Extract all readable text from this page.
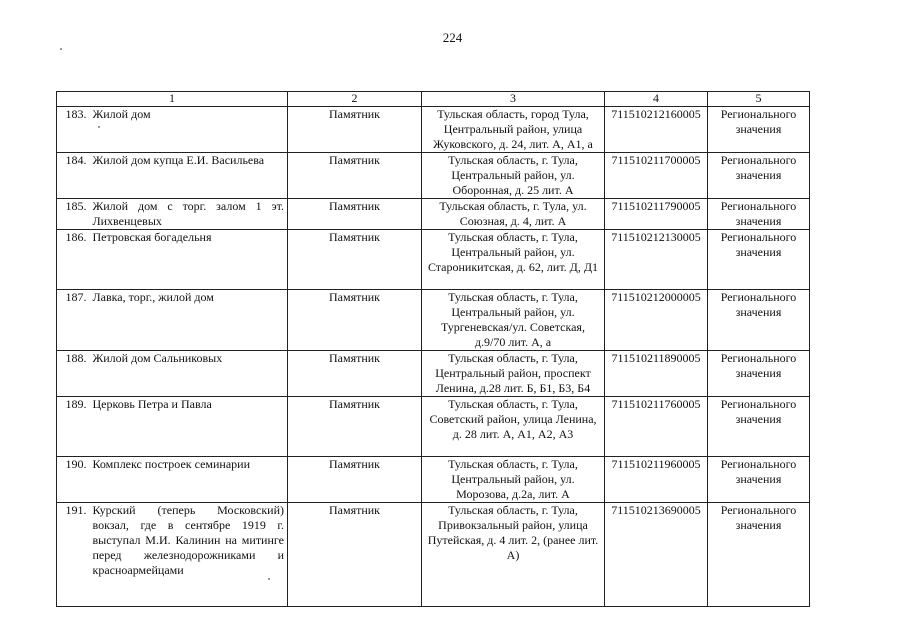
224
1		2	3	4	5
183.	Жилой дом	Памятник	Тульская область, город Тула, Центральный район, улица Жуковского, д. 24, лит. А, А1, а	711510212160005	Регионального значения
184.	Жилой дом купца Е.И. Васильева	Памятник	Тульская область, г. Тула, Центральный район, ул. Оборонная, д. 25 лит. А	711510211700005	Регионального значения
185.	Жилой дом с торг. залом 1 эт. Лихвенцевых	Памятник	Тульская область, г. Тула, ул. Союзная, д. 4, лит. А	711510211790005	Регионального значения
186.	Петровская богадельня	Памятник	Тульская область, г. Тула, Центральный район, ул. Староникитская, д. 62, лит. Д, Д1	711510212130005	Регионального значения
187.	Лавка, торг., жилой дом	Памятник	Тульская область, г. Тула, Центральный район, ул. Тургеневская/ул. Советская, д.9/70 лит. А, а	711510212000005	Регионального значения
188.	Жилой дом Сальниковых	Памятник	Тульская область, г. Тула, Центральный район, проспект Ленина, д.28 лит. Б, Б1, Б3, Б4	711510211890005	Регионального значения
189.	Церковь Петра и Павла	Памятник	Тульская область, г. Тула, Советский район, улица Ленина, д. 28 лит. А, А1, А2, А3	711510211760005	Регионального значения
190.	Комплекс построек семинарии	Памятник	Тульская область, г. Тула, Центральный район, ул. Морозова, д.2а, лит. А	711510211960005	Регионального значения
191.	Курский (теперь Московский) вокзал, где в сентябре 1919 г. выступал М.И. Калинин на митинге перед железнодорожниками и красноармейцами	Памятник	Тульская область, г. Тула, Привокзальный район, улица Путейская, д. 4 лит. 2, (ранее лит. А)	711510213690005	Регионального значения
